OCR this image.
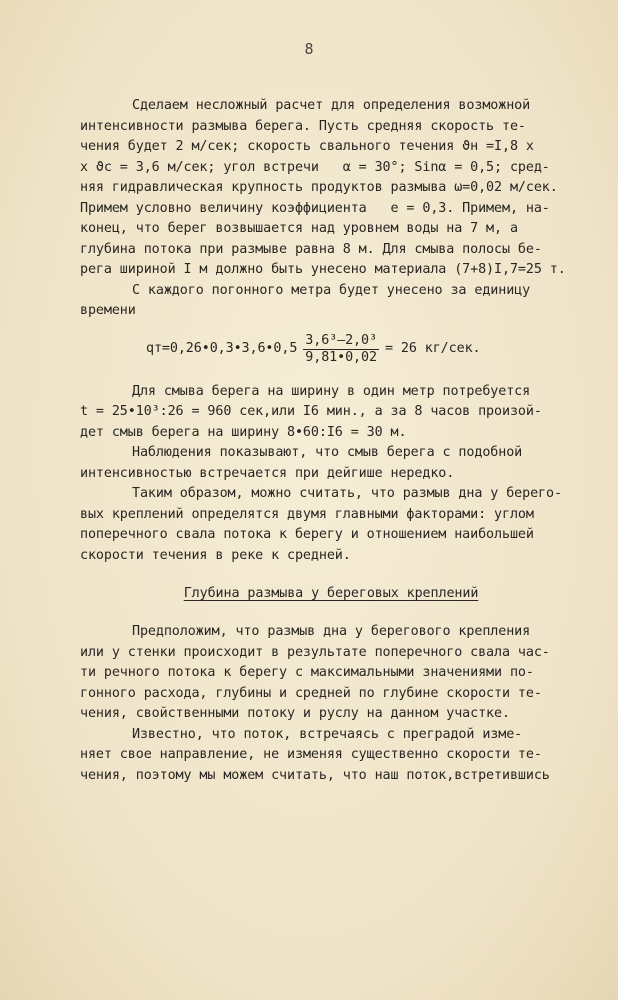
8
Сделаем несложный расчет для определения возможной
интенсивности размыва берега. Пусть средняя скорость те-
чения будет 2 м/сек; скорость свального течения ϑн =I,8 x
x ϑс = 3,6 м/сек; угол встречи   α = 30°; Sinα = 0,5; сред-
няя гидравлическая крупность продуктов размыва ω=0,02 м/сек.
Примем условно величину коэффициента   e = 0,3. Примем, на-
конец, что берег возвышается над уровнем воды на 7 м, а
глубина потока при размыве равна 8 м. Для смыва полосы бе-
рега шириной I м должно быть унесено материала (7+8)I,7=25 т.
С каждого погонного метра будет унесено за единицу
времени
qт=0,26•0,3•3,6•0,5 $\frac{\text{3,6³–2,0³}}{9,81•0,02} = 26$ кг/сек.
Для смыва берега на ширину в один метр потребуется
t = 25•10³:26 = 960 сек,или I6 мин., а за 8 часов произой-
дет смыв берега на ширину 8•60:I6 = 30 м.
Наблюдения показывают, что смыв берега с подобной
интенсивностью встречается при дейгише нередко.
Таким образом, можно считать, что размыв дна у берего-
вых креплений определятся двумя главными факторами: углом
поперечного свала потока к берегу и отношением наибольшей
скорости течения в реке к средней.
Глубина размыва у береговых креплений
Предположим, что размыв дна у берегового крепления
или у стенки происходит в результате поперечного свала час-
ти речного потока к берегу с максимальными значениями по-
гонного расхода, глубины и средней по глубине скорости те-
чения, свойственными потоку и руслу на данном участке.
Известно, что поток, встречаясь с преградой изме-
няет свое направление, не изменяя существенно скорости те-
чения, поэтому мы можем считать, что наш поток,встретившись
